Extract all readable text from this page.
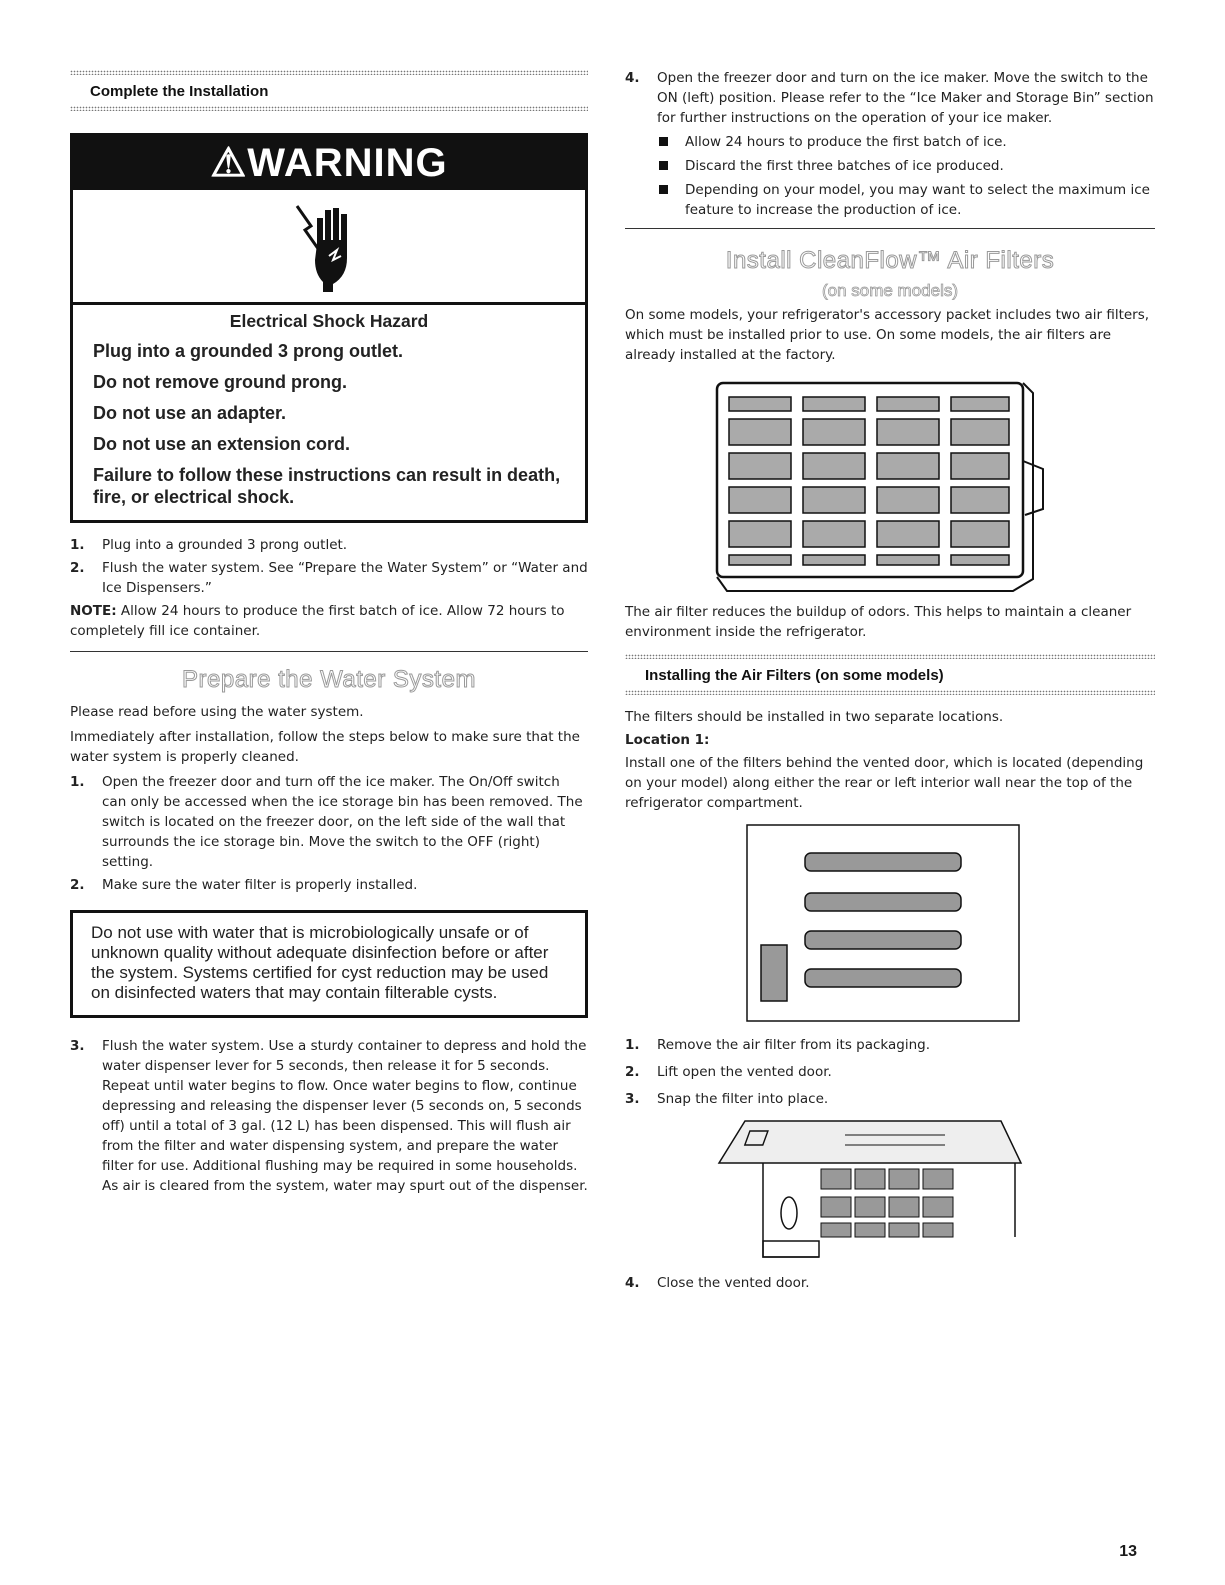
Complete the Installation
⚠WARNING
Electrical Shock Hazard
Plug into a grounded 3 prong outlet.
Do not remove ground prong.
Do not use an adapter.
Do not use an extension cord.
Failure to follow these instructions can result in death, fire, or electrical shock.
1. Plug into a grounded 3 prong outlet.
2. Flush the water system. See “Prepare the Water System” or “Water and Ice Dispensers.”

NOTE: Allow 24 hours to produce the first batch of ice. Allow 72 hours to completely fill ice container.

Prepare the Water System

Please read before using the water system.

Immediately after installation, follow the steps below to make sure that the water system is properly cleaned.

1. Open the freezer door and turn off the ice maker. The On/Off switch can only be accessed when the ice storage bin has been removed. The switch is located on the freezer door, on the left side of the wall that surrounds the ice storage bin. Move the switch to the OFF (right) setting.
2. Make sure the water filter is properly installed.
Do not use with water that is microbiologically unsafe or of unknown quality without adequate disinfection before or after the system. Systems certified for cyst reduction may be used on disinfected waters that may contain filterable cysts.
3. Flush the water system. Use a sturdy container to depress and hold the water dispenser lever for 5 seconds, then release it for 5 seconds. Repeat until water begins to flow. Once water begins to flow, continue depressing and releasing the dispenser lever (5 seconds on, 5 seconds off) until a total of 3 gal. (12 L) has been dispensed. This will flush air from the filter and water dispensing system, and prepare the water filter for use. Additional flushing may be required in some households. As air is cleared from the system, water may spurt out of the dispenser.
4. Open the freezer door and turn on the ice maker. Move the switch to the ON (left) position. Please refer to the “Ice Maker and Storage Bin” section for further instructions on the operation of your ice maker.
Allow 24 hours to produce the first batch of ice.
Discard the first three batches of ice produced.
Depending on your model, you may want to select the maximum ice feature to increase the production of ice.
Install CleanFlow™ Air Filters
(on some models)

On some models, your refrigerator's accessory packet includes two air filters, which must be installed prior to use. On some models, the air filters are already installed at the factory.

The air filter reduces the buildup of odors. This helps to maintain a cleaner environment inside the refrigerator.

Installing the Air Filters (on some models)

The filters should be installed in two separate locations.

Location 1:

Install one of the filters behind the vented door, which is located (depending on your model) along either the rear or left interior wall near the top of the refrigerator compartment.

1. Remove the air filter from its packaging.
2. Lift open the vented door.
3. Snap the filter into place.
4. Close the vented door.
13
